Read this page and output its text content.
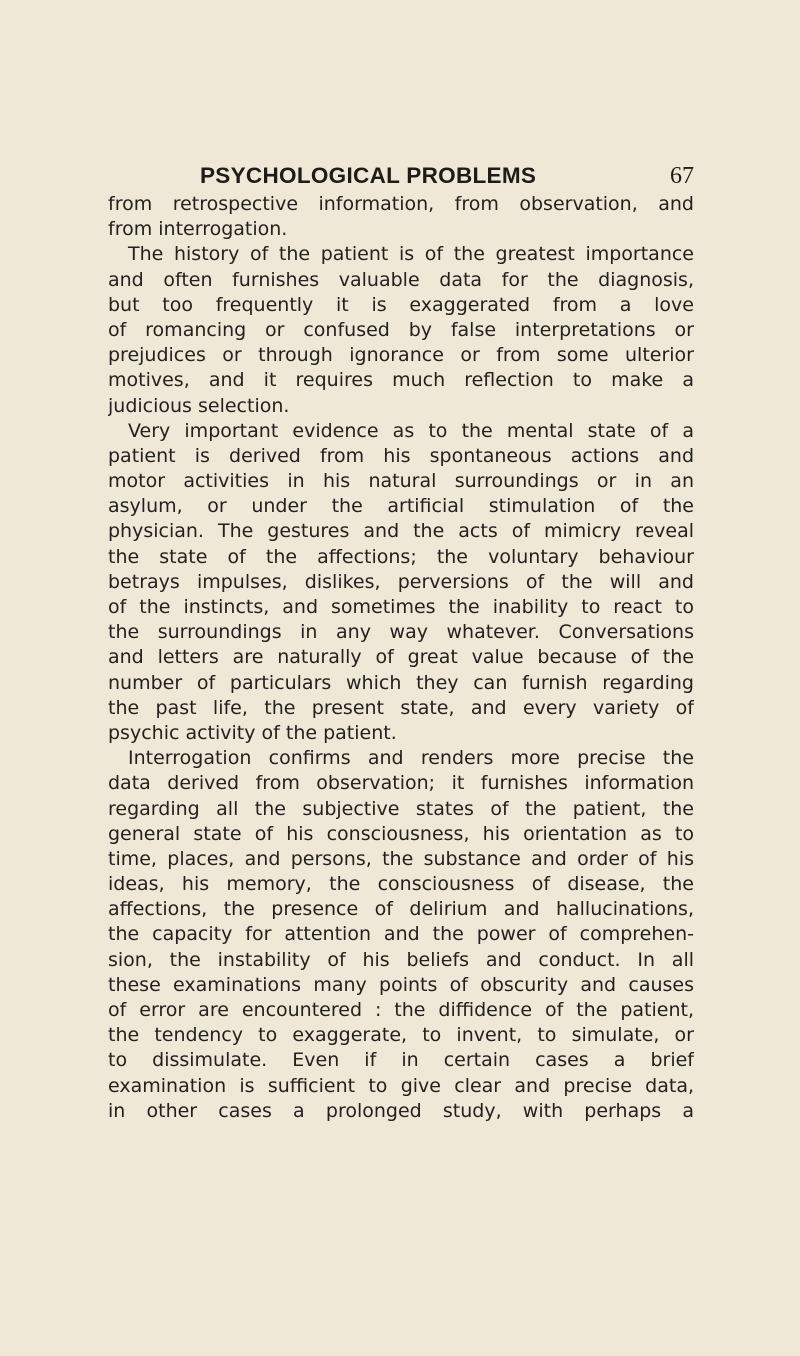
PSYCHOLOGICAL PROBLEMS	67
from retrospective information, from observation, and
from interrogation.
The history of the patient is of the greatest importance
and often furnishes valuable data for the diagnosis,
but too frequently it is exaggerated from a love
of romancing or confused by false interpretations or
prejudices or through ignorance or from some ulterior
motives, and it requires much reflection to make a
judicious selection.
Very important evidence as to the mental state of a
patient is derived from his spontaneous actions and
motor activities in his natural surroundings or in an
asylum, or under the artificial stimulation of the
physician. The gestures and the acts of mimicry reveal
the state of the affections; the voluntary behaviour
betrays impulses, dislikes, perversions of the will and
of the instincts, and sometimes the inability to react to
the surroundings in any way whatever. Conversations
and letters are naturally of great value because of the
number of particulars which they can furnish regarding
the past life, the present state, and every variety of
psychic activity of the patient.
Interrogation confirms and renders more precise the
data derived from observation; it furnishes information
regarding all the subjective states of the patient, the
general state of his consciousness, his orientation as to
time, places, and persons, the substance and order of his
ideas, his memory, the consciousness of disease, the
affections, the presence of delirium and hallucinations,
the capacity for attention and the power of comprehen-
sion, the instability of his beliefs and conduct. In all
these examinations many points of obscurity and causes
of error are encountered : the diffidence of the patient,
the tendency to exaggerate, to invent, to simulate, or
to dissimulate. Even if in certain cases a brief
examination is sufficient to give clear and precise data,
in other cases a prolonged study, with perhaps a
